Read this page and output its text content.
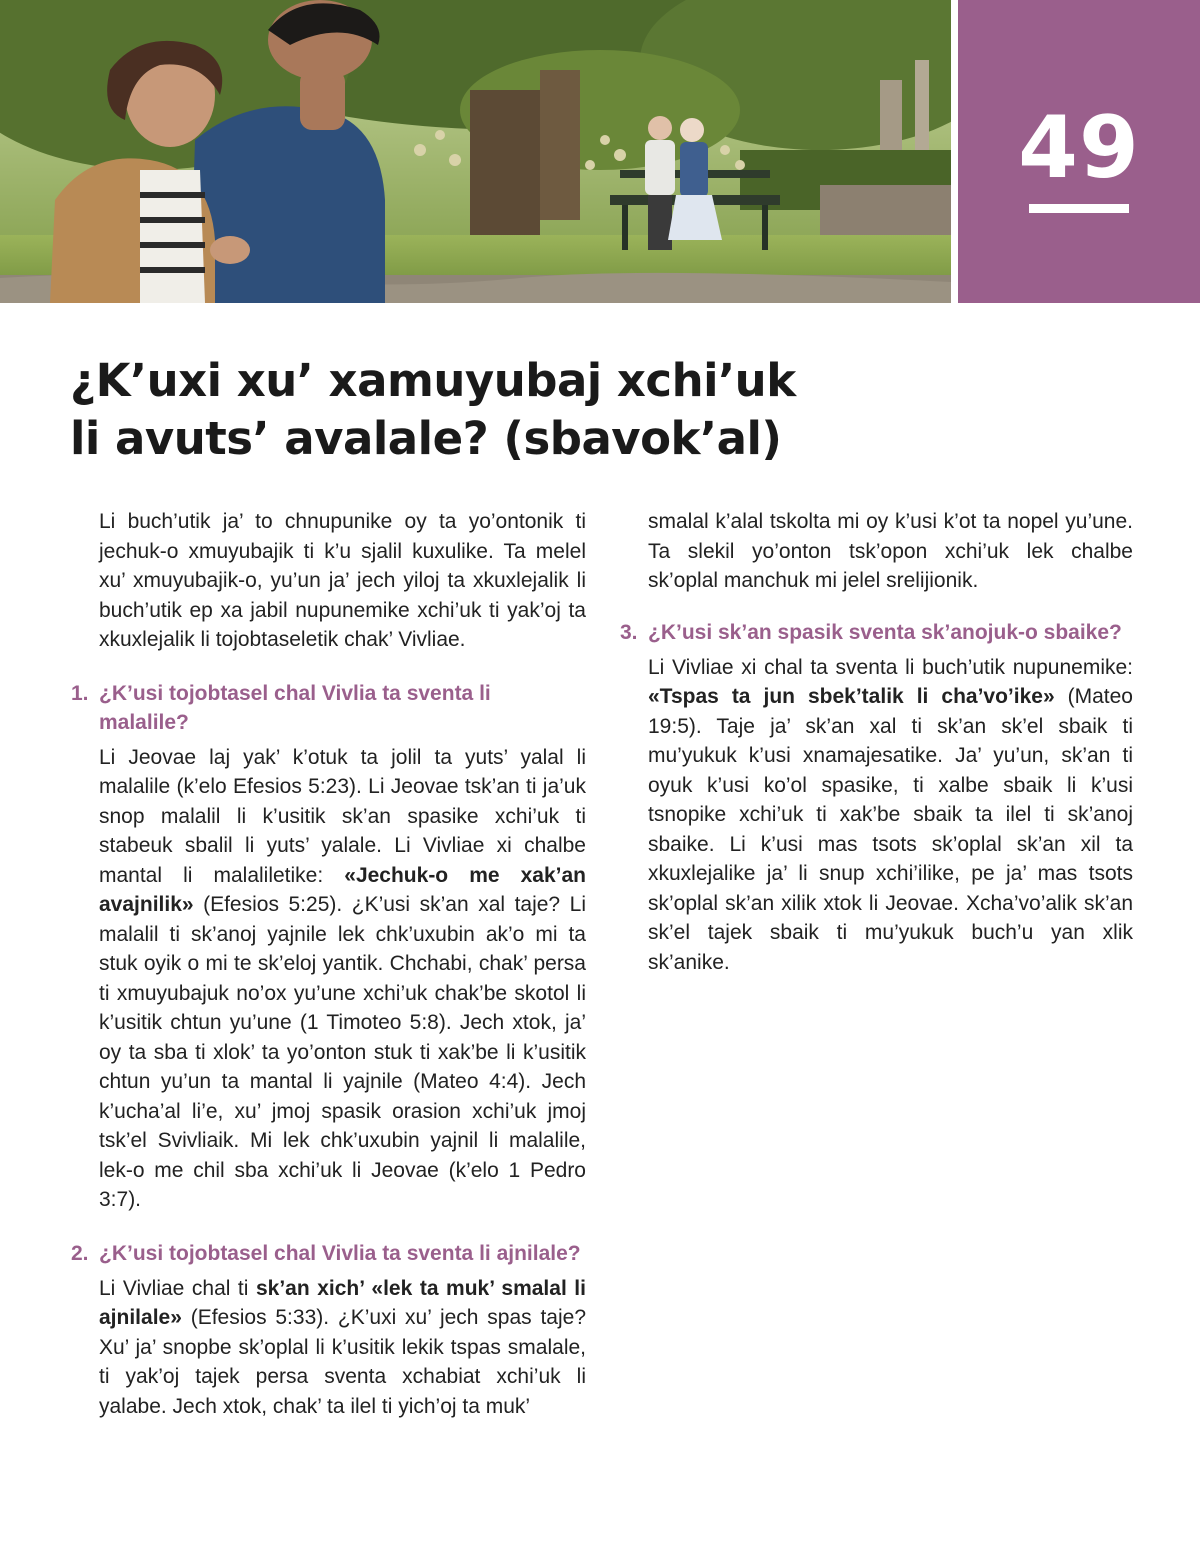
49
¿K’uxi xu’ xamuyubaj xchi’uk
li avuts’ avalale? (sbavok’al)

Li buch’utik ja’ to chnupunike oy ta yo’ontonik ti jechuk-o xmuyubajik ti k’u sjalil kuxulike. Ta melel xu’ xmuyubajik-o, yu’un ja’ jech yiloj ta xkuxlejalik li buch’utik ep xa jabil nupunemike xchi’uk ti yak’oj ta xkuxlejalik li tojobtaseletik chak’ Vivliae.

1. ¿K’usi tojobtasel chal Vivlia ta sventa li malalile?

Li Jeovae laj yak’ k’otuk ta jolil ta yuts’ yalal li malalile (k’elo Efesios 5:23). Li Jeovae tsk’an ti ja’uk snop malalil li k’usitik sk’an spasike xchi’uk ti stabeuk sbalil li yuts’ yalale. Li Vivliae xi chalbe mantal li malaliletike: «Jechuk-o me xak’an avajnilik» (Efesios 5:25). ¿K’usi sk’an xal taje? Li malalil ti sk’anoj yajnile lek chk’uxubin ak’o mi ta stuk oyik o mi te sk’eloj yantik. Chchabi, chak’ persa ti xmuyubajuk no’ox yu’une xchi’uk chak’be skotol li k’usitik chtun yu’une (1 Timoteo 5:8). Jech xtok, ja’ oy ta sba ti xlok’ ta yo’onton stuk ti xak’be li k’usitik chtun yu’un ta mantal li yajnile (Mateo 4:4). Jech k’ucha’al li’e, xu’ jmoj spasik orasion xchi’uk jmoj tsk’el Svivliaik. Mi lek chk’uxubin yajnil li malalile, lek-o me chil sba xchi’uk li Jeovae (k’elo 1 Pedro 3:7).

2. ¿K’usi tojobtasel chal Vivlia ta sventa li ajnilale?

Li Vivliae chal ti sk’an xich’ «lek ta muk’ smalal li ajnilale» (Efesios 5:33). ¿K’uxi xu’ jech spas taje? Xu’ ja’ snopbe sk’oplal li k’usitik lekik tspas smalale, ti yak’oj tajek persa sventa xchabiat xchi’uk li yalabe. Jech xtok, chak’ ta ilel ti yich’oj ta muk’

smalal k’alal tskolta mi oy k’usi k’ot ta nopel yu’une. Ta slekil yo’onton tsk’opon xchi’uk lek chalbe sk’oplal manchuk mi jelel srelijionik.

3. ¿K’usi sk’an spasik sventa sk’anojuk-o sbaike?

Li Vivliae xi chal ta sventa li buch’utik nupunemike: «Tspas ta jun sbek’talik li cha’vo’ike» (Mateo 19:5). Taje ja’ sk’an xal ti sk’an sk’el sbaik ti mu’yukuk k’usi xnamajesatike. Ja’ yu’un, sk’an ti oyuk k’usi ko’ol spasike, ti xalbe sbaik li k’usi tsnopike xchi’uk ti xak’be sbaik ta ilel ti sk’anoj sbaike. Li k’usi mas tsots sk’oplal sk’an xil ta xkuxlejalike ja’ li snup xchi’ilike, pe ja’ mas tsots sk’oplal sk’an xilik xtok li Jeovae. Xcha’vo’alik sk’an sk’el tajek sbaik ti mu’yukuk buch’u yan xlik sk’anike.
